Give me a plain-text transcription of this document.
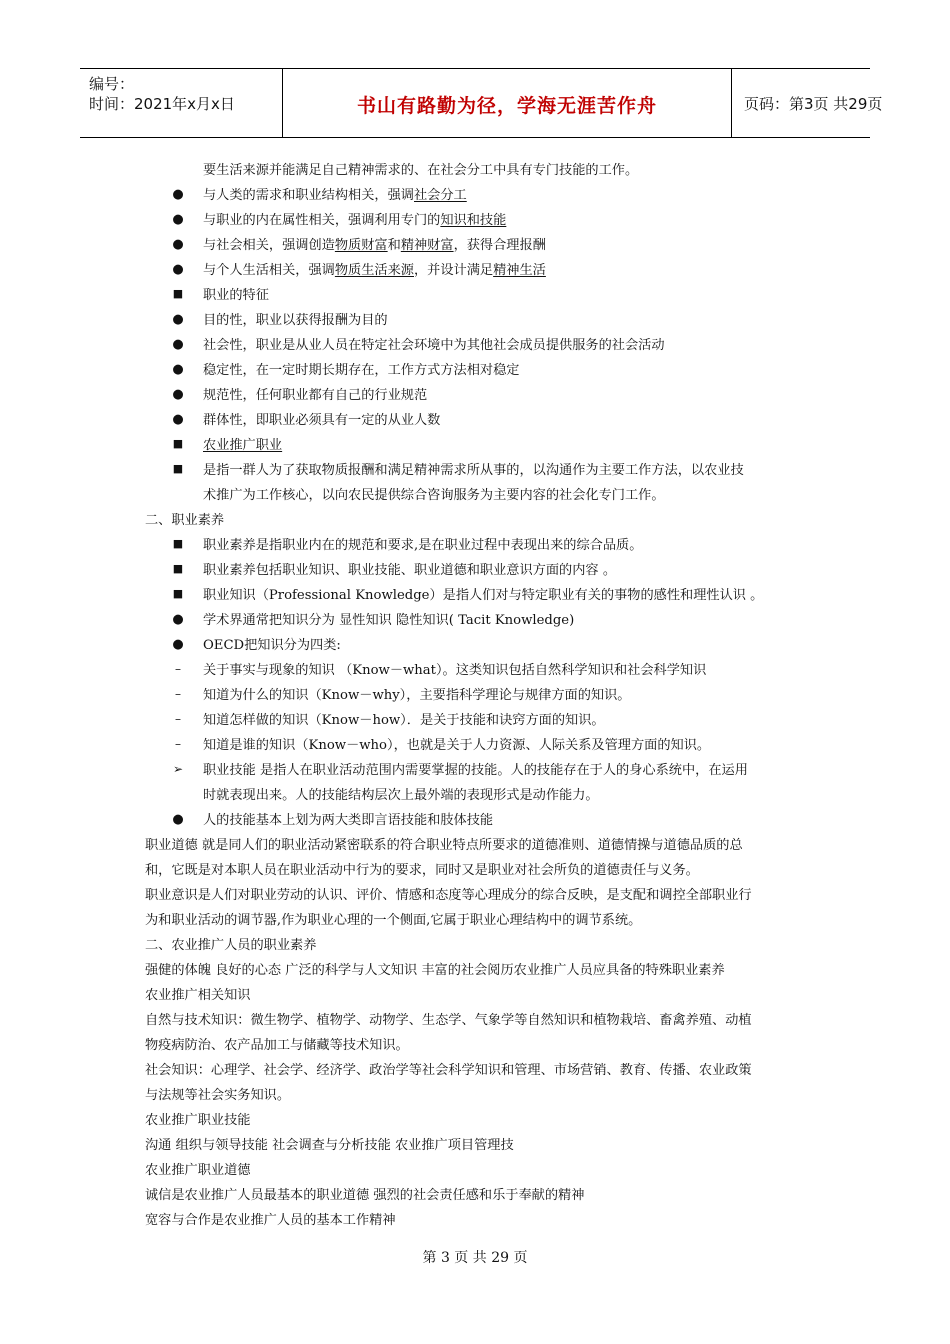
编号：
时间：2021年x月x日	书山有路勤为径，学海无涯苦作舟	页码：第3页 共29页
要生活来源并能满足自己精神需求的、在社会分工中具有专门技能的工作。
● 与人类的需求和职业结构相关，强调社会分工
● 与职业的内在属性相关，强调利用专门的知识和技能
● 与社会相关，强调创造物质财富和精神财富，获得合理报酬
● 与个人生活相关，强调物质生活来源，并设计满足精神生活
■ 职业的特征
● 目的性，职业以获得报酬为目的
● 社会性，职业是从业人员在特定社会环境中为其他社会成员提供服务的社会活动
● 稳定性，在一定时期长期存在，工作方式方法相对稳定
● 规范性，任何职业都有自己的行业规范
● 群体性，即职业必须具有一定的从业人数
■ 农业推广职业
■ 是指一群人为了获取物质报酬和满足精神需求所从事的，以沟通作为主要工作方法，以农业技
术推广为工作核心，以向农民提供综合咨询服务为主要内容的社会化专门工作。
二、职业素养
■ 职业素养是指职业内在的规范和要求,是在职业过程中表现出来的综合品质。
■ 职业素养包括职业知识、职业技能、职业道德和职业意识方面的内容 。
■ 职业知识（Professional Knowledge）是指人们对与特定职业有关的事物的感性和理性认识 。
● 学术界通常把知识分为 显性知识 隐性知识( Tacit Knowledge)
● OECD把知识分为四类:
–	关于事实与现象的知识 （Know－what）。这类知识包括自然科学知识和社会科学知识
–	知道为什么的知识（Know－why），主要指科学理论与规律方面的知识。
–	知道怎样做的知识（Know－how）．是关于技能和诀窍方面的知识。
–	知道是谁的知识（Know－who），也就是关于人力资源、人际关系及管理方面的知识。
➢ 职业技能 是指人在职业活动范围内需要掌握的技能。人的技能存在于人的身心系统中，在运用
时就表现出来。人的技能结构层次上最外端的表现形式是动作能力。
● 人的技能基本上划为两大类即言语技能和肢体技能
职业道德 就是同人们的职业活动紧密联系的符合职业特点所要求的道德准则、道德情操与道德品质的总
和，它既是对本职人员在职业活动中行为的要求，同时又是职业对社会所负的道德责任与义务。
职业意识是人们对职业劳动的认识、评价、情感和态度等心理成分的综合反映，是支配和调控全部职业行
为和职业活动的调节器,作为职业心理的一个侧面,它属于职业心理结构中的调节系统。
二、农业推广人员的职业素养
强健的体魄 良好的心态 广泛的科学与人文知识 丰富的社会阅历农业推广人员应具备的特殊职业素养
农业推广相关知识
自然与技术知识：微生物学、植物学、动物学、生态学、气象学等自然知识和植物栽培、畜禽养殖、动植
物疫病防治、农产品加工与储藏等技术知识。
社会知识：心理学、社会学、经济学、政治学等社会科学知识和管理、市场营销、教育、传播、农业政策
与法规等社会实务知识。
农业推广职业技能
沟通 组织与领导技能 社会调查与分析技能 农业推广项目管理技
农业推广职业道德
诚信是农业推广人员最基本的职业道德 强烈的社会责任感和乐于奉献的精神
宽容与合作是农业推广人员的基本工作精神
第 3 页 共 29 页
